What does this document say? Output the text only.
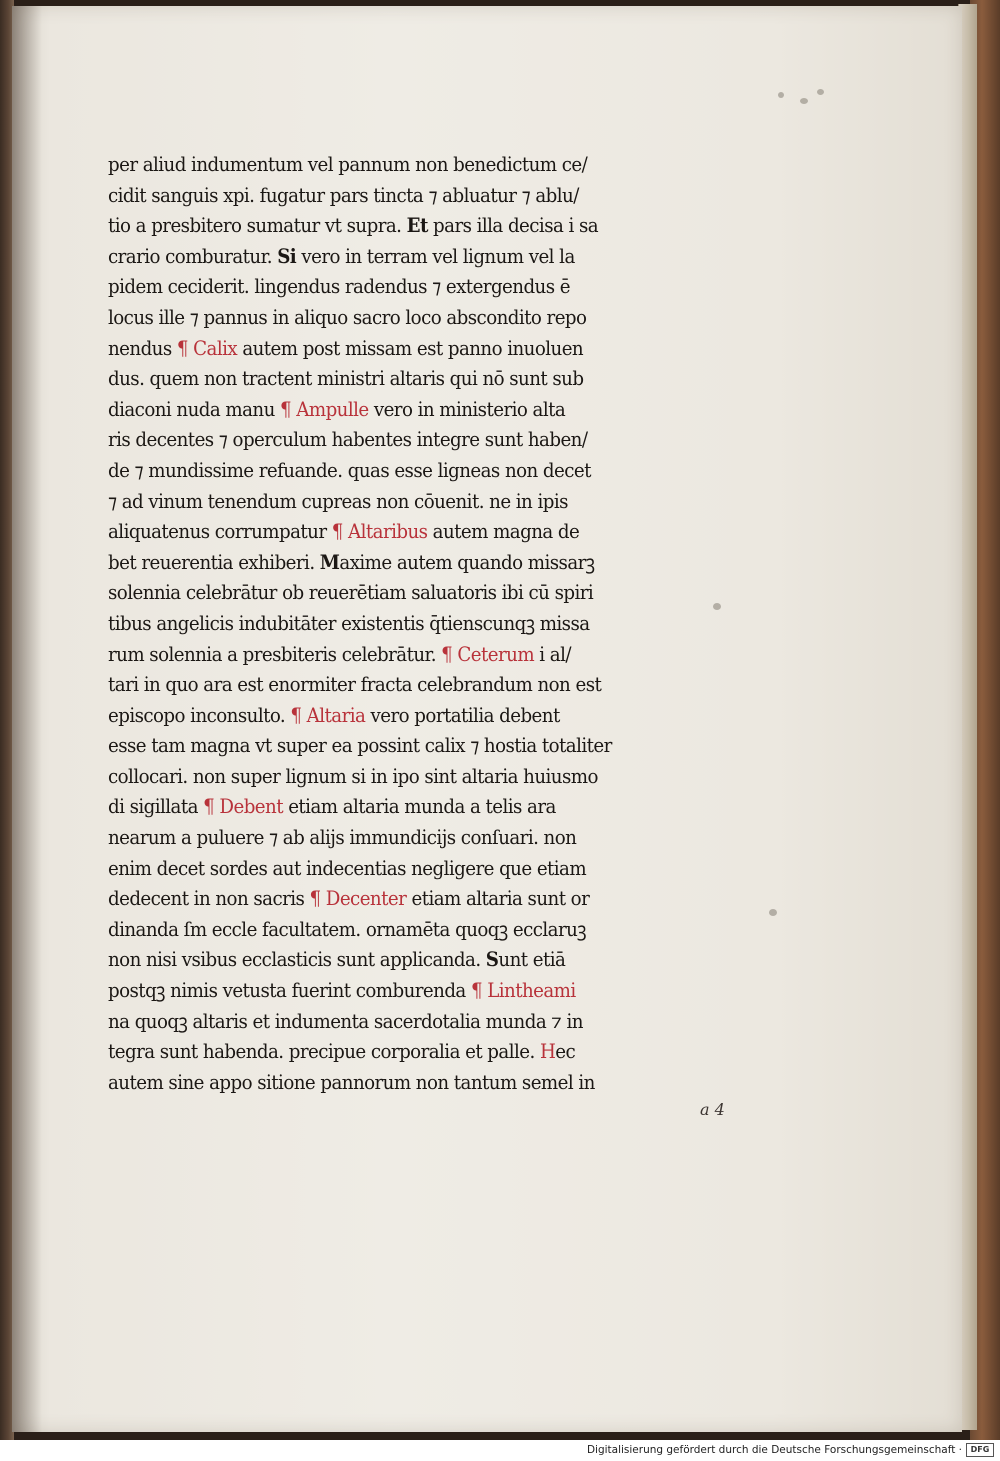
per aliud indumentum vel pannum non benedictum ce/
cidit sanguis xpi. fugatur pars tincta ⁊ abluatur ⁊ ablu/
tio a presbitero sumatur vt supra. Et pars illa decisa i sa
crario comburatur. Si vero in terram vel lignum vel la
pidem ceciderit. lingendus radendus ⁊ extergendus ē
locus ille ⁊ pannus in aliquo sacro loco abscondito repo
nendus ¶ Calix autem post missam est panno inuoluen
dus. quem non tractent ministri altaris qui nō sunt sub
diaconi nuda manu ¶ Ampulle vero in ministerio alta
ris decentes ⁊ operculum habentes integre sunt haben/
de ⁊ mundissime refuande. quas esse ligneas non decet
⁊ ad vinum tenendum cupreas non cōuenit. ne in ipis
aliquatenus corrumpatur ¶ Altaribus autem magna de
bet reuerentia exhiberi. Maxime autem quando missarꝫ
solennia celebrātur ob reuerētiam saluatoris ibi cū spiri
tibus angelicis indubitāter existentis q̄tienscunqꝫ missa
rum solennia a presbiteris celebrātur. ¶ Ceterum i al/
tari in quo ara est enormiter fracta celebrandum non est
episcopo inconsulto. ¶ Altaria vero portatilia debent
esse tam magna vt super ea possint calix ⁊ hostia totaliter
collocari. non super lignum si in ipo sint altaria huiusmo
di sigillata ¶ Debent etiam altaria munda a telis ara
nearum a puluere ⁊ ab alijs immundicijs conſuari. non
enim decet sordes aut indecentias negligere que etiam
dedecent in non sacris ¶ Decenter etiam altaria sunt or
dinanda ſm eccle facultatem. ornamēta quoqꝫ ecclaruꝫ
non nisi vsibus ecclasticis sunt applicanda. Sunt etiā
postqꝫ nimis vetusta fuerint comburenda ¶ Lintheami
na quoqꝫ altaris et indumenta sacerdotalia munda ⁊ in
tegra sunt habenda. precipue corporalia et palle. Hec
autem sine appo sitione pannorum non tantum semel in
a 4
Digitalisierung gefördert durch die Deutsche Forschungsgemeinschaft ·	DFG
